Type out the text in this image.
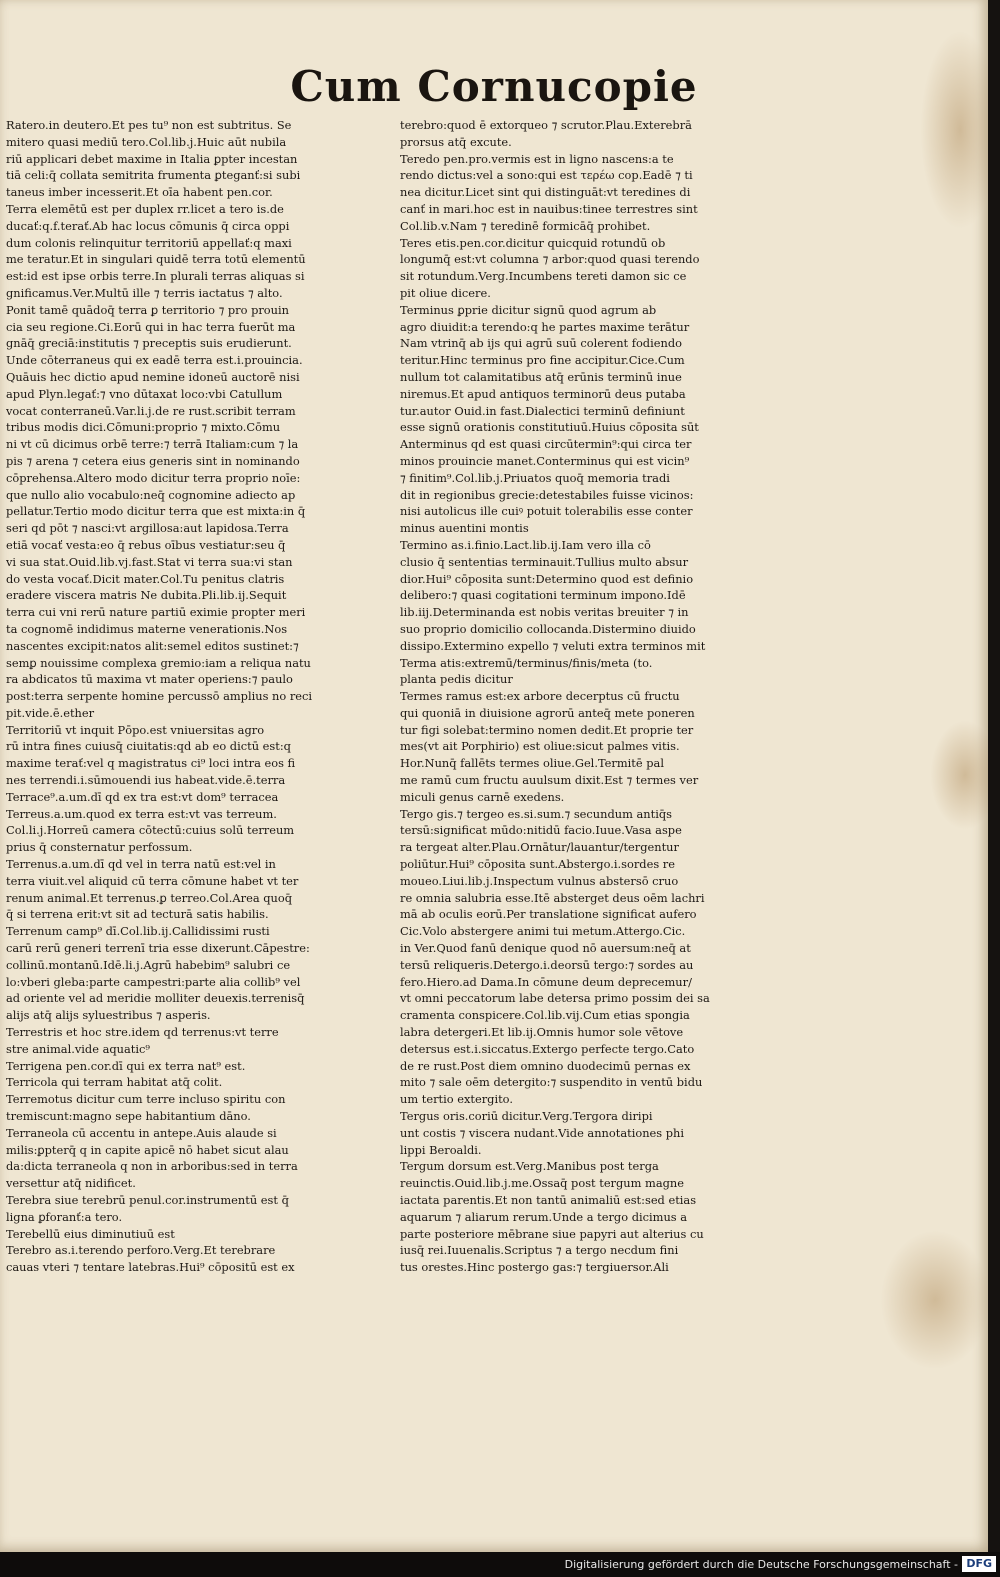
Cum Cornucopie
Ratero.in deutero.Et pes tu⁹ non est subtritus. Se
mitero quasi mediū tero.Col.lib.j.Huic aūt nubila
riū applicari debet maxime in Italia ꝑpter incestan
tiā celi:q̄ collata semitrita frumenta ꝑteganť:si subi
taneus imber incesserit.Et oīa habent pen.cor.
Terra elemētū est per duplex rr.licet a tero is.de
ducať:q.f.terať.Ab hac locus cōmunis q̄ circa oppi
dum colonis relinquitur territoriū appellať:q maxi
me teratur.Et in singulari quidē terra totū elementū
est:id est ipse orbis terre.In plurali terras aliquas si
gnificamus.Ver.Multū ille ⁊ terris iactatus ⁊ alto.
Ponit tamē quādoq̄ terra ꝑ territorio ⁊ pro prouin
cia seu regione.Ci.Eorū qui in hac terra fuerūt ma
gnāq̄ greciā:institutis ⁊ preceptis suis erudierunt.
Unde cōterraneus qui ex eadē terra est.i.prouincia.
Quāuis hec dictio apud nemine idoneū auctorē nisi
apud Plyn.legať:⁊ vno dūtaxat loco:vbi Catullum
vocat conterraneū.Var.li.j.de re rust.scribit terram
tribus modis dici.Cōmuni:proprio ⁊ mixto.Cōmu
ni vt cū dicimus orbē terre:⁊ terrā Italiam:cum ⁊ la
pis ⁊ arena ⁊ cetera eius generis sint in nominando
cōprehensa.Altero modo dicitur terra proprio noīe:
que nullo alio vocabulo:neq̄ cognomine adiecto ap
pellatur.Tertio modo dicitur terra que est mixta:in q̄
seri qd pōt ⁊ nasci:vt argillosa:aut lapidosa.Terra
etiā vocať vesta:eo q̄ rebus oībus vestiatur:seu q̄
vi sua stat.Ouid.lib.vj.fast.Stat vi terra sua:vi stan
do vesta vocať.Dicit mater.Col.Tu penitus clatris
eradere viscera matris Ne dubita.Pli.lib.ij.Sequit
terra cui vni rerū nature partiū eximie propter meri
ta cognomē indidimus materne venerationis.Nos
nascentes excipit:natos alit:semel editos sustinet:⁊
semꝑ nouissime complexa gremio:iam a reliqua natu
ra abdicatos tū maxima vt mater operiens:⁊ paulo
post:terra serpente homine percussō amplius no reci
pit.vide.ē.ether
Territoriū vt inquit Pōpo.est vniuersitas agro
rū intra fines cuiusq̄ ciuitatis:qd ab eo dictū est:q
maxime terať:vel q magistratus ci⁹ loci intra eos fi
nes terrendi.i.sūmouendi ius habeat.vide.ē.terra
Terrace⁹.a.um.dī qd ex tra est:vt dom⁹ terracea
Terreus.a.um.quod ex terra est:vt vas terreum.
Col.li.j.Horreū camera cōtectū:cuius solū terreum
prius q̄ consternatur perfossum.
Terrenus.a.um.dī qd vel in terra natū est:vel in
terra viuit.vel aliquid cū terra cōmune habet vt ter
renum animal.Et terrenus.ꝑ terreo.Col.Area quoq̄
q̄ si terrena erit:vt sit ad tecturā satis habilis.
Terrenum camp⁹ dī.Col.lib.ij.Callidissimi rusti
carū rerū generi terrenī tria esse dixerunt.Cāpestre:
collinū.montanū.Idē.li.j.Agrū habebim⁹ salubri ce
lo:vberi gleba:parte campestri:parte alia collib⁹ vel
ad oriente vel ad meridie molliter deuexis.terrenisq̄
alijs atq̄ alijs syluestribus ⁊ asperis.
Terrestris et hoc stre.idem qd terrenus:vt terre
stre animal.vide aquatic⁹
Terrigena pen.cor.dī qui ex terra nat⁹ est.
Terricola qui terram habitat atq̄ colit.
Terremotus dicitur cum terre incluso spiritu con
tremiscunt:magno sepe habitantium dāno.
Terraneola cū accentu in antepe.Auis alaude si
milis:ꝑpterq̄ q in capite apicē nō habet sicut alau
da:dicta terraneola q non in arboribus:sed in terra
versettur atq̄ nidificet.
Terebra siue terebrū penul.cor.instrumentū est q̄
ligna ꝑforanť:a tero.
Terebellū eius diminutiuū est
Terebro as.i.terendo perforo.Verg.Et terebrare
cauas vteri ⁊ tentare latebras.Hui⁹ cōpositū est ex
terebro:quod ē extorqueo ⁊ scrutor.Plau.Exterebrā
prorsus atq̄ excute.
Teredo pen.pro.vermis est in ligno nascens:a te
rendo dictus:vel a sono:qui est τερέω cop.Eadē ⁊ ti
nea dicitur.Licet sint qui distinguāt:vt teredines di
canť in mari.hoc est in nauibus:tinee terrestres sint
Col.lib.v.Nam ⁊ teredinē formicāq̄ prohibet.
Teres etis.pen.cor.dicitur quicquid rotundū ob
longumq̄ est:vt columna ⁊ arbor:quod quasi terendo
sit rotundum.Verg.Incumbens tereti damon sic ce
pit oliue dicere.
Terminus ꝑprie dicitur signū quod agrum ab
agro diuidit:a terendo:q he partes maxime terātur
Nam vtrinq̄ ab ijs qui agrū suū colerent fodiendo
teritur.Hinc terminus pro fine accipitur.Cice.Cum
nullum tot calamitatibus atq̄ erūnis terminū inue
niremus.Et apud antiquos terminorū deus putaba
tur.autor Ouid.in fast.Dialectici terminū definiunt
esse signū orationis constitutiuū.Huius cōposita sūt
Anterminus qd est quasi circūtermin⁹:qui circa ter
minos prouincie manet.Conterminus qui est vicin⁹
⁊ finitim⁹.Col.lib.j.Priuatos quoq̄ memoria tradi
dit in regionibus grecie:detestabiles fuisse vicinos:
nisi autolicus ille cuiꝰ potuit tolerabilis esse conter
minus auentini montis
Termino as.i.finio.Lact.lib.ij.Iam vero illa cō
clusio q̄ sententias terminauit.Tullius multo absur
dior.Hui⁹ cōposita sunt:Determino quod est definio
delibero:⁊ quasi cogitationi terminum impono.Idē
lib.iij.Determinanda est nobis veritas breuiter ⁊ in
suo proprio domicilio collocanda.Distermino diuido
dissipo.Extermino expello ⁊ veluti extra terminos mit
Terma atis:extremū/terminus/finis/meta (to.
planta pedis dicitur
Termes ramus est:ex arbore decerptus cū fructu
qui quoniā in diuisione agrorū anteq̄ mete poneren
tur figi solebat:termino nomen dedit.Et proprie ter
mes(vt ait Porphirio) est oliue:sicut palmes vitis.
Hor.Nunq̄ fallēts termes oliue.Gel.Termitē pal
me ramū cum fructu auulsum dixit.Est ⁊ termes ver
miculi genus carnē exedens.
Tergo gis.⁊ tergeo es.si.sum.⁊ secundum antiq̄s
tersū:significat mūdo:nitidū facio.Iuue.Vasa aspe
ra tergeat alter.Plau.Ornātur/lauantur/tergentur
poliūtur.Hui⁹ cōposita sunt.Abstergo.i.sordes re
moueo.Liui.lib.j.Inspectum vulnus abstersō cruo
re omnia salubria esse.Itē absterget deus oēm lachri
mā ab oculis eorū.Per translatione significat aufero
Cic.Volo abstergere animi tui metum.Attergo.Cic.
in Ver.Quod fanū denique quod nō auersum:neq̄ at
tersū reliqueris.Detergo.i.deorsū tergo:⁊ sordes au
fero.Hiero.ad Dama.In cōmune deum deprecemur/
vt omni peccatorum labe detersa primo possim dei sa
cramenta conspicere.Col.lib.vij.Cum etias spongia
labra detergeri.Et lib.ij.Omnis humor sole vētove
detersus est.i.siccatus.Extergo perfecte tergo.Cato
de re rust.Post diem omnino duodecimū pernas ex
mito ⁊ sale oēm detergito:⁊ suspendito in ventū bidu
um tertio extergito.
Tergus oris.coriū dicitur.Verg.Tergora diripi
unt costis ⁊ viscera nudant.Vide annotationes phi
lippi Beroaldi.
Tergum dorsum est.Verg.Manibus post terga
reuinctis.Ouid.lib.j.me.Ossaq̄ post tergum magne
iactata parentis.Et non tantū animaliū est:sed etias
aquarum ⁊ aliarum rerum.Unde a tergo dicimus a
parte posteriore mēbrane siue papyri aut alterius cu
iusq̄ rei.Iuuenalis.Scriptus ⁊ a tergo necdum fini
tus orestes.Hinc postergo gas:⁊ tergiuersor.Ali
Digitalisierung gefördert durch die Deutsche Forschungsgemeinschaft - DFG
